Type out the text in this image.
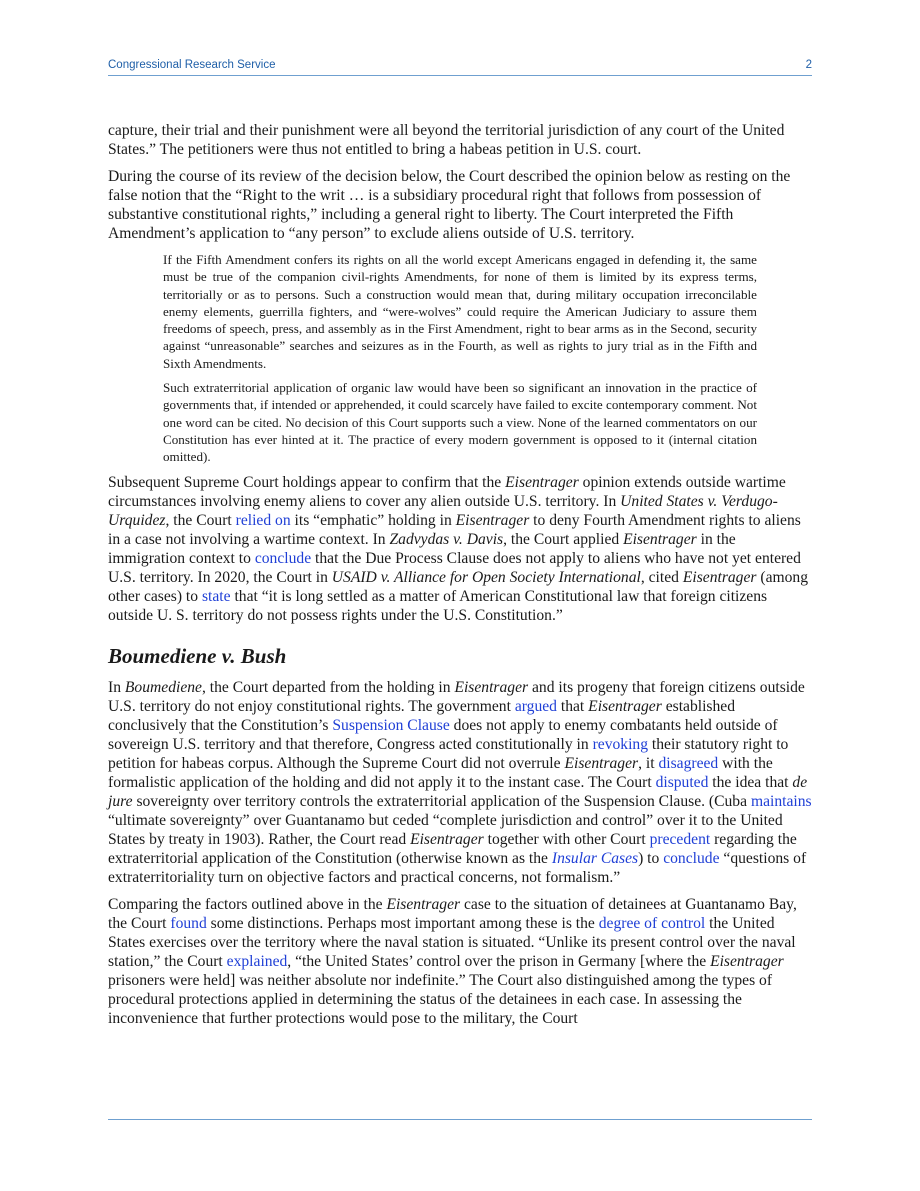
Congressional Research Service	2

capture, their trial and their punishment were all beyond the territorial jurisdiction of any court of the United States.” The petitioners were thus not entitled to bring a habeas petition in U.S. court.

During the course of its review of the decision below, the Court described the opinion below as resting on the false notion that the “Right to the writ … is a subsidiary procedural right that follows from possession of substantive constitutional rights,” including a general right to liberty. The Court interpreted the Fifth Amendment’s application to “any person” to exclude aliens outside of U.S. territory.

If the Fifth Amendment confers its rights on all the world except Americans engaged in defending it, the same must be true of the companion civil-rights Amendments, for none of them is limited by its express terms, territorially or as to persons. Such a construction would mean that, during military occupation irreconcilable enemy elements, guerrilla fighters, and “were-wolves” could require the American Judiciary to assure them freedoms of speech, press, and assembly as in the First Amendment, right to bear arms as in the Second, security against “unreasonable” searches and seizures as in the Fourth, as well as rights to jury trial as in the Fifth and Sixth Amendments.

Such extraterritorial application of organic law would have been so significant an innovation in the practice of governments that, if intended or apprehended, it could scarcely have failed to excite contemporary comment. Not one word can be cited. No decision of this Court supports such a view. None of the learned commentators on our Constitution has ever hinted at it. The practice of every modern government is opposed to it (internal citation omitted).

Subsequent Supreme Court holdings appear to confirm that the Eisentrager opinion extends outside wartime circumstances involving enemy aliens to cover any alien outside U.S. territory. In United States v. Verdugo-Urquidez, the Court relied on its “emphatic” holding in Eisentrager to deny Fourth Amendment rights to aliens in a case not involving a wartime context. In Zadvydas v. Davis, the Court applied Eisentrager in the immigration context to conclude that the Due Process Clause does not apply to aliens who have not yet entered U.S. territory. In 2020, the Court in USAID v. Alliance for Open Society International, cited Eisentrager (among other cases) to state that “it is long settled as a matter of American Constitutional law that foreign citizens outside U. S. territory do not possess rights under the U.S. Constitution.”

Boumediene v. Bush

In Boumediene, the Court departed from the holding in Eisentrager and its progeny that foreign citizens outside U.S. territory do not enjoy constitutional rights. The government argued that Eisentrager established conclusively that the Constitution’s Suspension Clause does not apply to enemy combatants held outside of sovereign U.S. territory and that therefore, Congress acted constitutionally in revoking their statutory right to petition for habeas corpus. Although the Supreme Court did not overrule Eisentrager, it disagreed with the formalistic application of the holding and did not apply it to the instant case. The Court disputed the idea that de jure sovereignty over territory controls the extraterritorial application of the Suspension Clause. (Cuba maintains “ultimate sovereignty” over Guantanamo but ceded “complete jurisdiction and control” over it to the United States by treaty in 1903). Rather, the Court read Eisentrager together with other Court precedent regarding the extraterritorial application of the Constitution (otherwise known as the Insular Cases) to conclude “questions of extraterritoriality turn on objective factors and practical concerns, not formalism.”

Comparing the factors outlined above in the Eisentrager case to the situation of detainees at Guantanamo Bay, the Court found some distinctions. Perhaps most important among these is the degree of control the United States exercises over the territory where the naval station is situated. “Unlike its present control over the naval station,” the Court explained, “the United States’ control over the prison in Germany [where the Eisentrager prisoners were held] was neither absolute nor indefinite.” The Court also distinguished among the types of procedural protections applied in determining the status of the detainees in each case. In assessing the inconvenience that further protections would pose to the military, the Court
